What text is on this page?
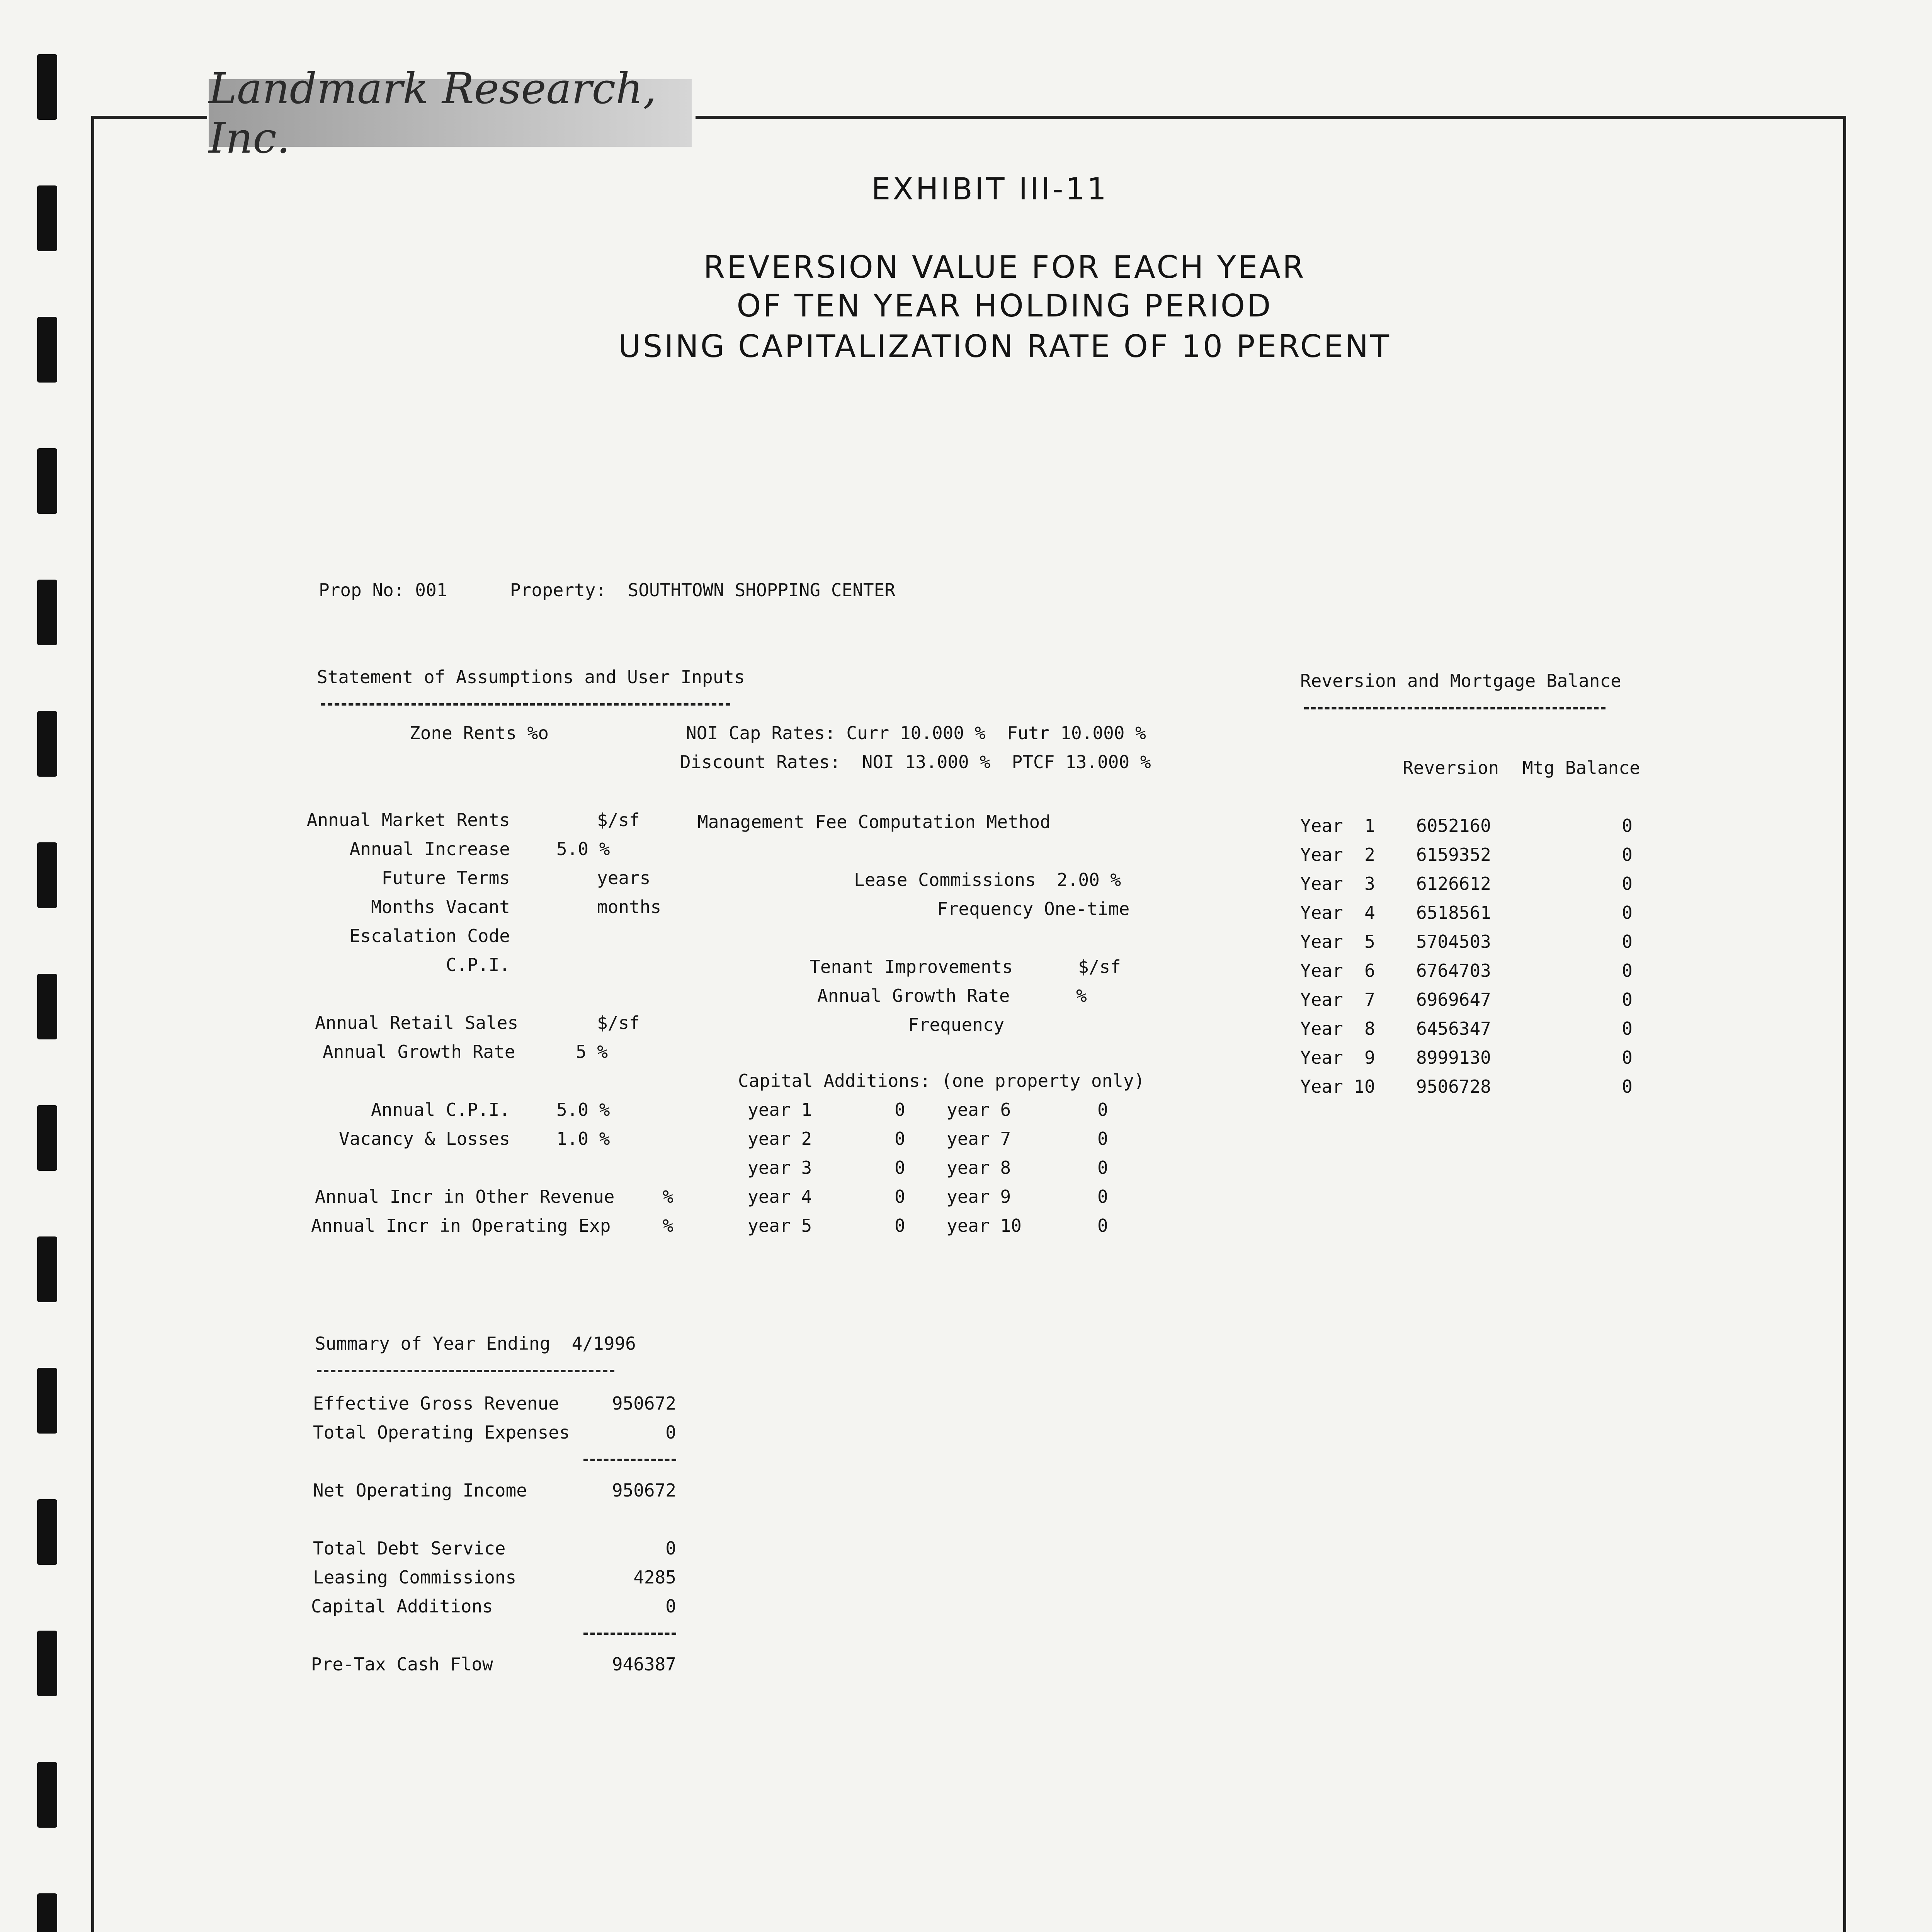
Landmark Research, Inc.
EXHIBIT III-11
REVERSION VALUE FOR EACH YEAR
OF TEN YEAR HOLDING PERIOD
USING CAPITALIZATION RATE OF 10 PERCENT
Prop No: 001	Property:  SOUTHTOWN SHOPPING CENTER
Statement of Assumptions and User Inputs
Zone Rents %o	NOI Cap Rates: Curr 10.000 %  Futr 10.000 %
Discount Rates:  NOI 13.000 %  PTCF 13.000 %
Annual Market Rents	$/sf
Annual Increase	5.0 %
Future Terms	years
Months Vacant	months
Escalation Code
C.P.I.
Annual Retail Sales	$/sf
Annual Growth Rate	5 %
Annual C.P.I.	5.0 %
Vacancy & Losses	1.0 %
Annual Incr in Other Revenue	%
Annual Incr in Operating Exp	%
Management Fee Computation Method
Lease Commissions 2.00 %
Frequency One-time
Tenant Improvements	$/sf
Annual Growth Rate	%
Frequency
Capital Additions: (one property only)
year 1	0 year 6	0
year 2	0 year 7	0
year 3	0 year 8	0
year 4	0 year 9	0
year 5	0 year 10	0
Reversion and Mortgage Balance
Reversion Mtg Balance
Year  1 6052160	0
Year  2 6159352	0
Year  3 6126612	0
Year  4 6518561	0
Year  5 5704503	0
Year  6 6764703	0
Year  7 6969647	0
Year  8 6456347	0
Year  9 8999130	0
Year 10 9506728	0
Summary of Year Ending  4/1996
Effective Gross Revenue	950672
Total Operating Expenses	0
Net Operating Income	950672
Total Debt Service	0
Leasing Commissions	4285
Capital Additions	0
Pre-Tax Cash Flow	946387
